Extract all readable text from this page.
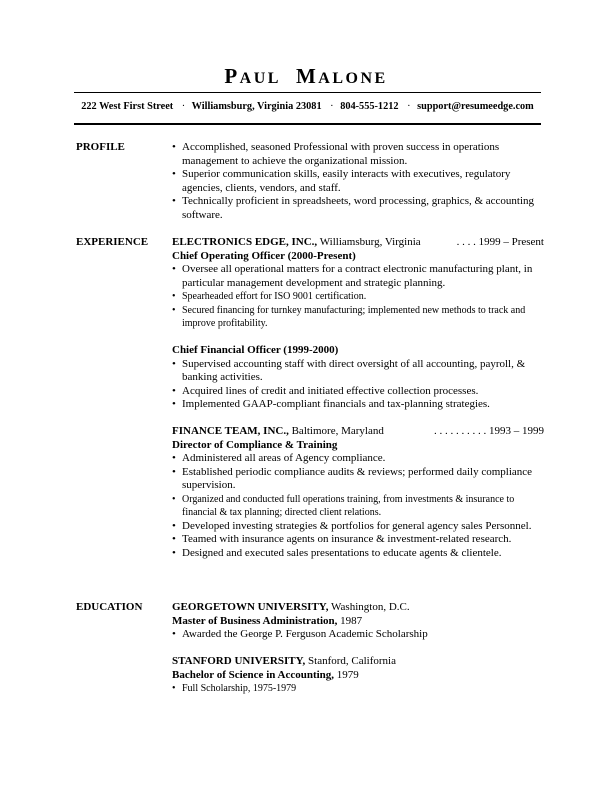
PAUL MALONE
222 West First Street · Williamsburg, Virginia 23081 · 804-555-1212 · support@resumeedge.com
PROFILE
•	Accomplished, seasoned Professional with proven success in operations management to achieve the organizational mission.
• Superior communication skills, easily interacts with executives, regulatory agencies, clients, vendors, and staff.
• Technically proficient in spreadsheets, word processing, graphics, & accounting software.
EXPERIENCE ELECTRONICS EDGE, INC., Williamsburg, Virginia	. . . . 1999 – Present
Chief Operating Officer (2000-Present)
• Oversee all operational matters for a contract electronic manufacturing plant, in particular management development and strategic planning.
• Spearheaded effort for ISO 9001 certification.
• Secured financing for turnkey manufacturing; implemented new methods to track and improve profitability.
Chief Financial Officer (1999-2000)
• Supervised accounting staff with direct oversight of all accounting, payroll, & banking activities.
• Acquired lines of credit and initiated effective collection processes.
• Implemented GAAP-compliant financials and tax-planning strategies.
FINANCE TEAM, INC., Baltimore, Maryland	. . . . . . . . . . 1993 – 1999
Director of Compliance & Training
• Administered all areas of Agency compliance.
• Established periodic compliance audits & reviews; performed daily compliance supervision.
• Organized and conducted full operations training, from investments & insurance to financial & tax planning; directed client relations.
• Developed investing strategies & portfolios for general agency sales Personnel.
• Teamed with insurance agents on insurance & investment-related research.
• Designed and executed sales presentations to educate agents & clientele.
EDUCATION	GEORGETOWN UNIVERSITY, Washington, D.C.
Master of Business Administration, 1987
• Awarded the George P. Ferguson Academic Scholarship
STANFORD UNIVERSITY, Stanford, California
Bachelor of Science in Accounting, 1979
• Full Scholarship, 1975-1979
